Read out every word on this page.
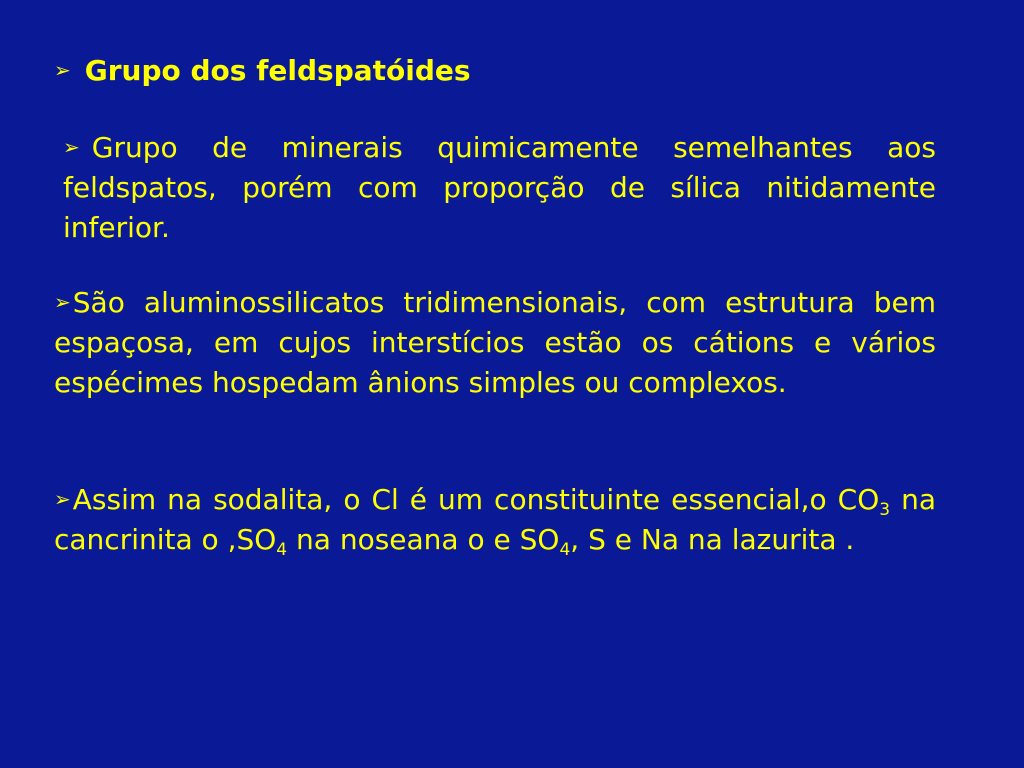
➢ Grupo dos feldspatóides
➢ Grupo de minerais quimicamente semelhantes aos feldspatos, porém com proporção de sílica nitidamente inferior.
➢São aluminossilicatos tridimensionais, com estrutura bem espaçosa, em cujos interstícios estão os cátions e vários espécimes hospedam ânions simples ou complexos.
➢Assim na sodalita, o Cl é um constituinte essencial,o $CO_3$ na cancrinita o $,SO_4$ na noseana o e $SO_4$, S e Na na lazurita .
